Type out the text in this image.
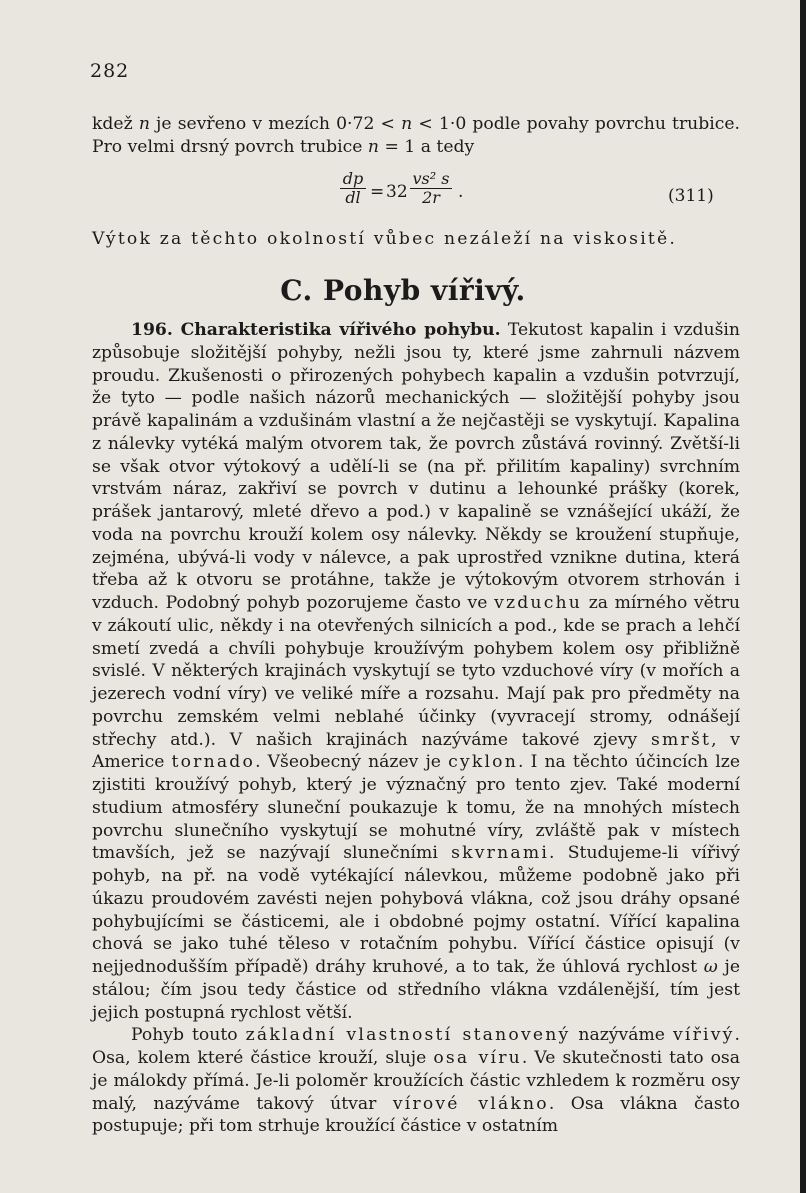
282

kdež n je sevřeno v mezích 0·72 < n < 1·0 podle povahy povrchu trubice. Pro velmi drsný povrch trubice n = 1 a tedy

dp
dl = 32
vs² s
2r	.	(311)

Výtok za těchto okolností vůbec nezáleží na viskositě.

C. Pohyb vířivý.

196. Charakteristika vířivého pohybu. Tekutost kapalin i vzdušin způsobuje složitější pohyby, nežli jsou ty, které jsme zahrnuli názvem proudu. Zkušenosti o přirozených pohybech kapalin a vzdušin potvrzují, že tyto — podle našich názorů mechanických — složitější pohyby jsou právě kapalinám a vzdušinám vlastní a že nejčastěji se vyskytují. Kapalina z nálevky vytéká malým otvorem tak, že povrch zůstává rovinný. Zvětší-li se však otvor výtokový a udělí-li se (na př. přilitím kapaliny) svrchním vrstvám náraz, zakřiví se povrch v dutinu a lehounké prášky (korek, prášek jantarový, mleté dřevo a pod.) v kapalině se vznášející ukáží, že voda na povrchu krouží kolem osy nálevky. Někdy se kroužení stupňuje, zejména, ubývá-li vody v nálevce, a pak uprostřed vznikne dutina, která třeba až k otvoru se protáhne, takže je výtokovým otvorem strhován i vzduch. Podobný pohyb pozorujeme často ve vzduchu za mírného větru v zákoutí ulic, někdy i na otevřených silnicích a pod., kde se prach a lehčí smetí zvedá a chvíli pohybuje kroužívým pohybem kolem osy přibližně svislé. V některých krajinách vyskytují se tyto vzduchové víry (v mořích a jezerech vodní víry) ve veliké míře a rozsahu. Mají pak pro předměty na povrchu zemském velmi neblahé účinky (vyvracejí stromy, odnášejí střechy atd.). V našich krajinách nazýváme takové zjevy smršt, v Americe tornado. Všeobecný název je cyklon. I na těchto účincích lze zjistiti kroužívý pohyb, který je význačný pro tento zjev. Také moderní studium atmosféry sluneční poukazuje k tomu, že na mnohých místech povrchu slunečního vyskytují se mohutné víry, zvláště pak v místech tmavších, jež se nazývají slunečními skvrnami. Studujeme-li vířivý pohyb, na př. na vodě vytékající nálevkou, můžeme podobně jako při úkazu proudovém zavésti nejen pohybová vlákna, což jsou dráhy opsané pohybujícími se částicemi, ale i obdobné pojmy ostatní. Vířící kapalina chová se jako tuhé těleso v rotačním pohybu. Vířící částice opisují (v nejjednodušším případě) dráhy kruhové, a to tak, že úhlová rychlost ω je stálou; čím jsou tedy částice od středního vlákna vzdálenější, tím jest jejich postupná rychlost větší.

Pohyb touto základní vlastností stanovený nazýváme vířivý. Osa, kolem které částice krouží, sluje osa víru. Ve skutečnosti tato osa je málokdy přímá. Je-li poloměr kroužících částic vzhledem k rozměru osy malý, nazýváme takový útvar vírové vlákno. Osa vlákna často postupuje; při tom strhuje kroužící částice v ostatním
